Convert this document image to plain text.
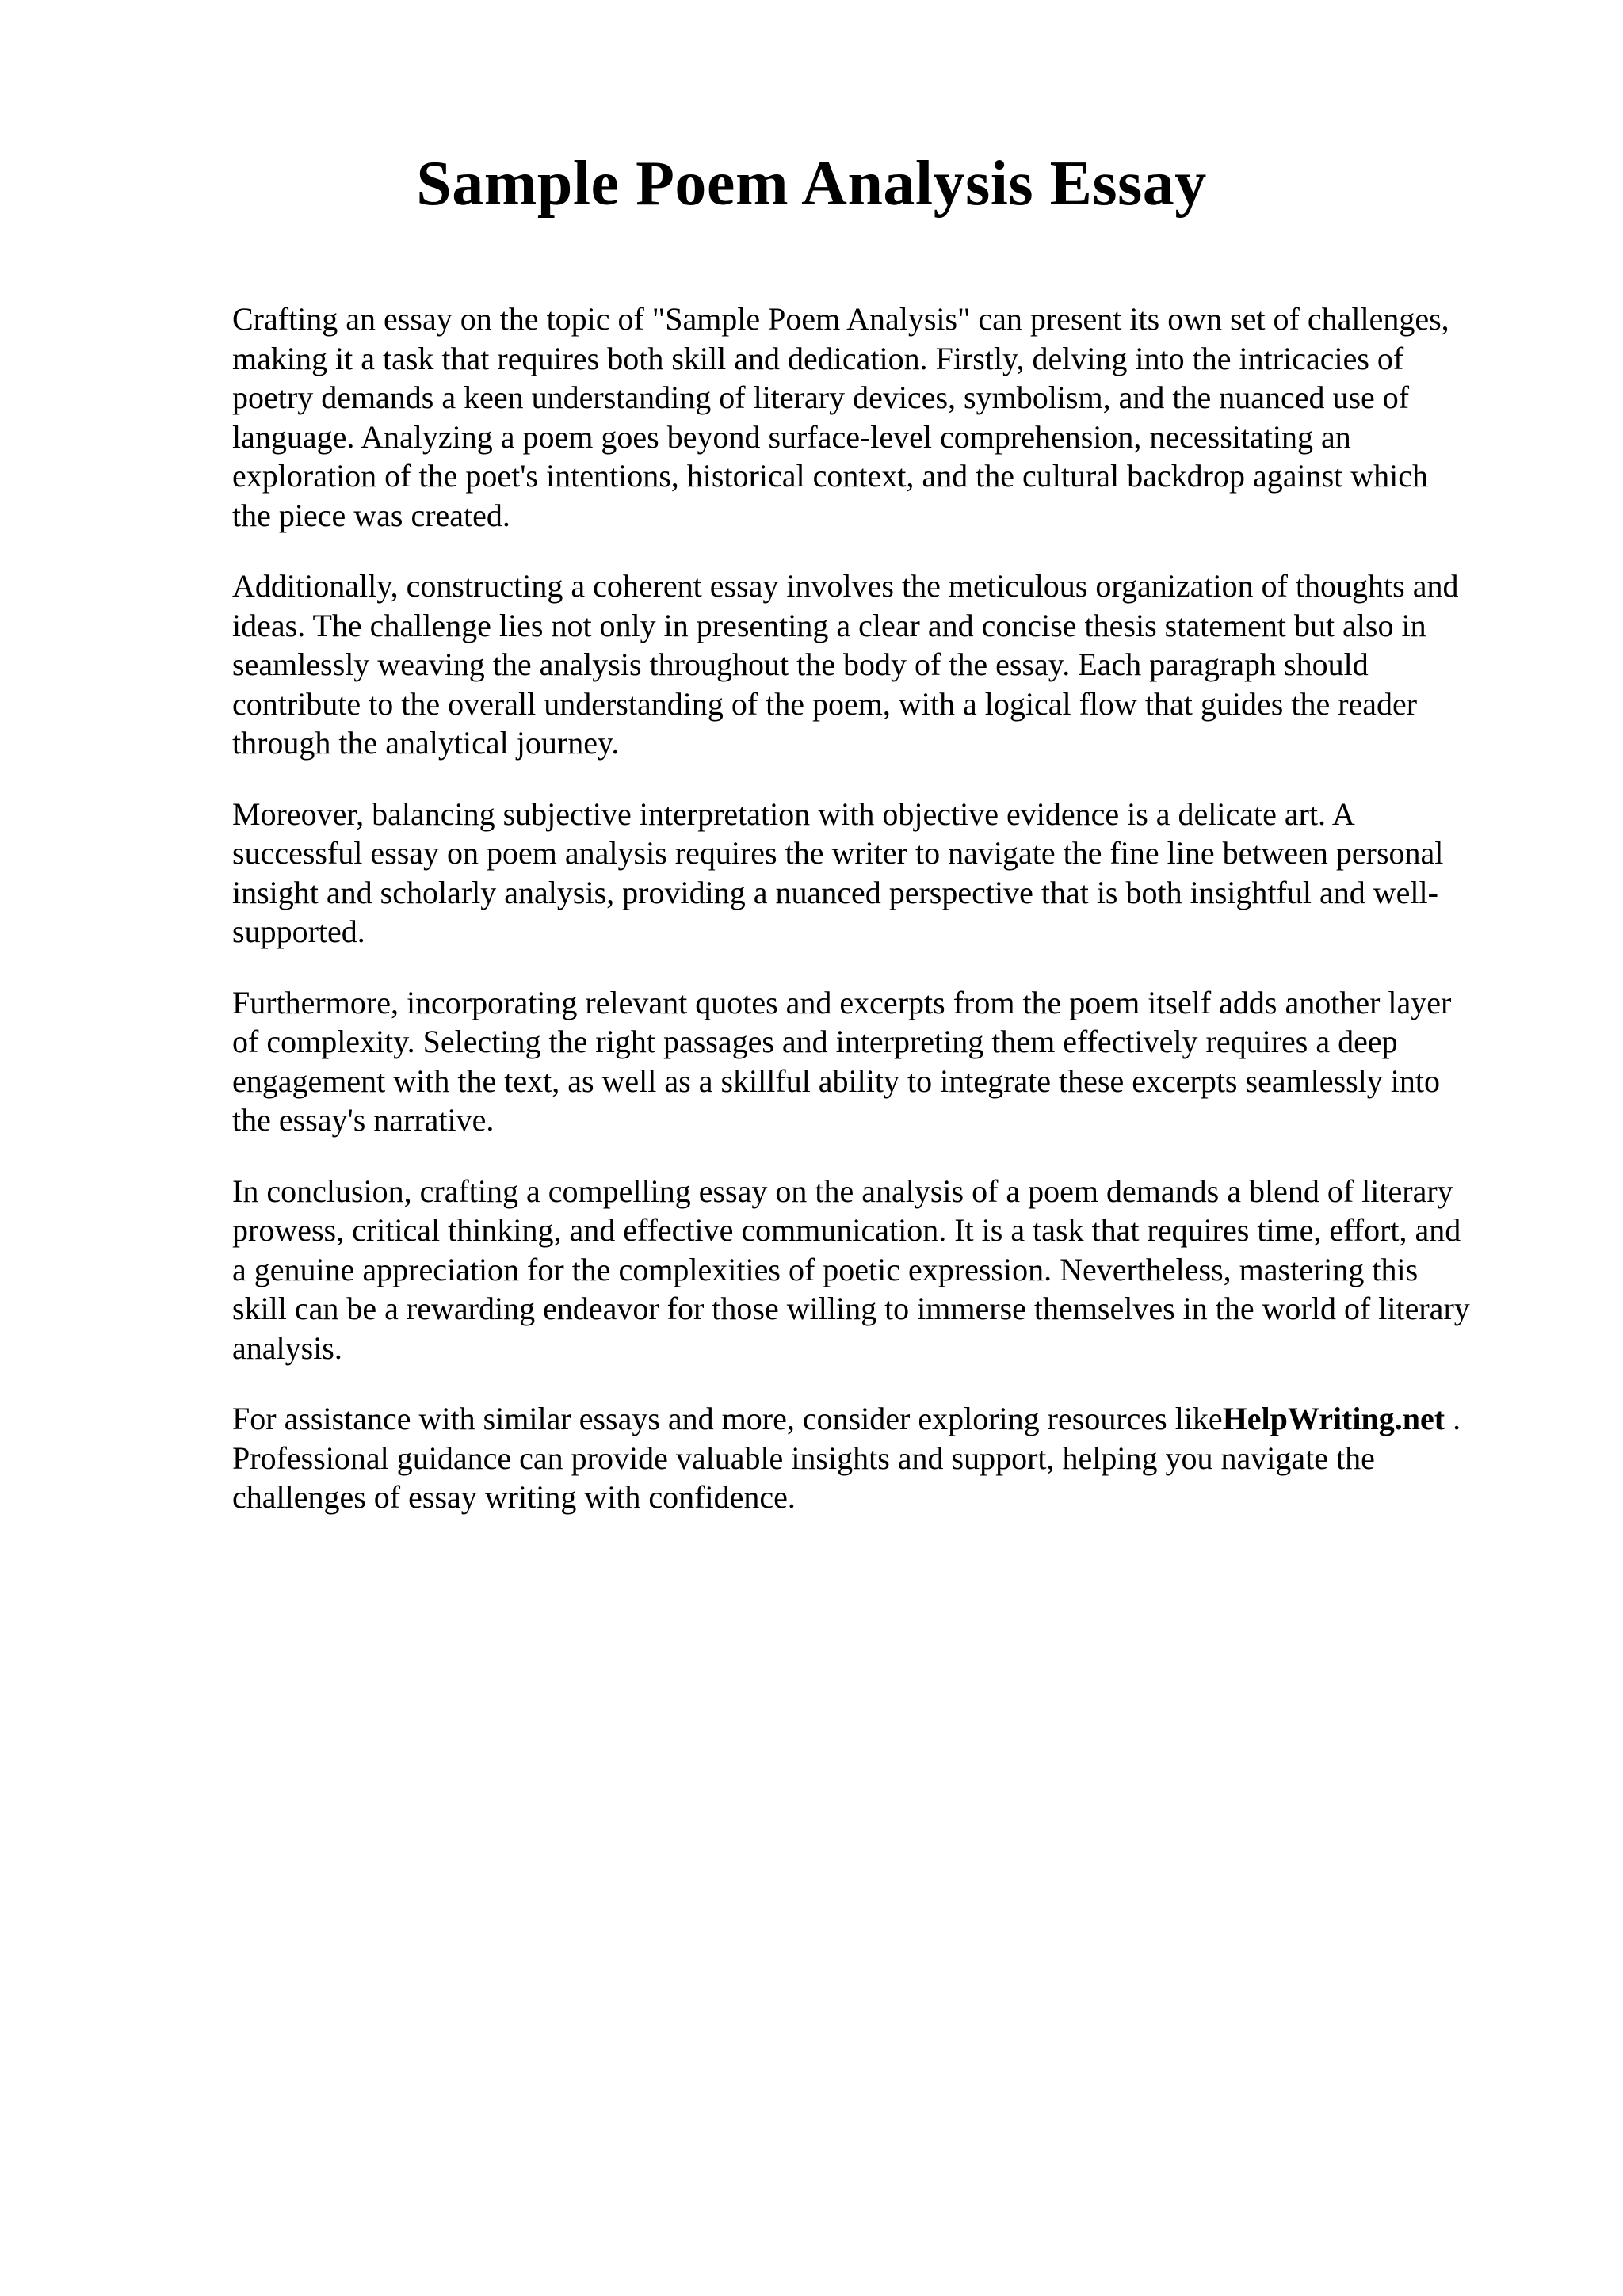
Sample Poem Analysis Essay

Crafting an essay on the topic of "Sample Poem Analysis" can present its own set of challenges,
making it a task that requires both skill and dedication. Firstly, delving into the intricacies of
poetry demands a keen understanding of literary devices, symbolism, and the nuanced use of
language. Analyzing a poem goes beyond surface-level comprehension, necessitating an
exploration of the poet's intentions, historical context, and the cultural backdrop against which
the piece was created.

Additionally, constructing a coherent essay involves the meticulous organization of thoughts and
ideas. The challenge lies not only in presenting a clear and concise thesis statement but also in
seamlessly weaving the analysis throughout the body of the essay. Each paragraph should
contribute to the overall understanding of the poem, with a logical flow that guides the reader
through the analytical journey.

Moreover, balancing subjective interpretation with objective evidence is a delicate art. A
successful essay on poem analysis requires the writer to navigate the fine line between personal
insight and scholarly analysis, providing a nuanced perspective that is both insightful and well-
supported.

Furthermore, incorporating relevant quotes and excerpts from the poem itself adds another layer
of complexity. Selecting the right passages and interpreting them effectively requires a deep
engagement with the text, as well as a skillful ability to integrate these excerpts seamlessly into
the essay's narrative.

In conclusion, crafting a compelling essay on the analysis of a poem demands a blend of literary
prowess, critical thinking, and effective communication. It is a task that requires time, effort, and
a genuine appreciation for the complexities of poetic expression. Nevertheless, mastering this
skill can be a rewarding endeavor for those willing to immerse themselves in the world of literary
analysis.

For assistance with similar essays and more, consider exploring resources likeHelpWriting.net .
Professional guidance can provide valuable insights and support, helping you navigate the
challenges of essay writing with confidence.
